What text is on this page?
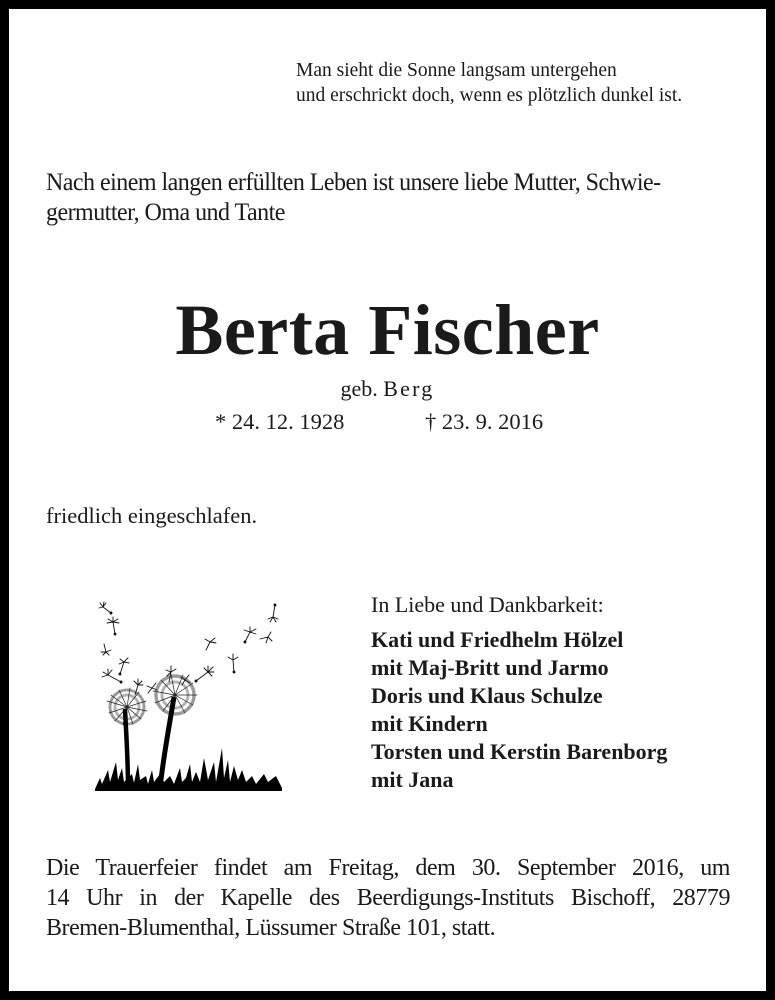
Man sieht die Sonne langsam untergehen
und erschrickt doch, wenn es plötzlich dunkel ist.
Nach einem langen erfüllten Leben ist unsere liebe Mutter, Schwie-
germutter, Oma und Tante
Berta Fischer
geb. Berg
* 24. 12. 1928	† 23. 9. 2016
friedlich eingeschlafen.
In Liebe und Dankbarkeit:
Kati und Friedhelm Hölzel
mit Maj-Britt und Jarmo
Doris und Klaus Schulze
mit Kindern
Torsten und Kerstin Barenborg
mit Jana
Die Trauerfeier findet am Freitag, dem 30. September 2016, um
14 Uhr in der Kapelle des Beerdigungs-Instituts Bischoff, 28779
Bremen-Blumenthal, Lüssumer Straße 101, statt.
